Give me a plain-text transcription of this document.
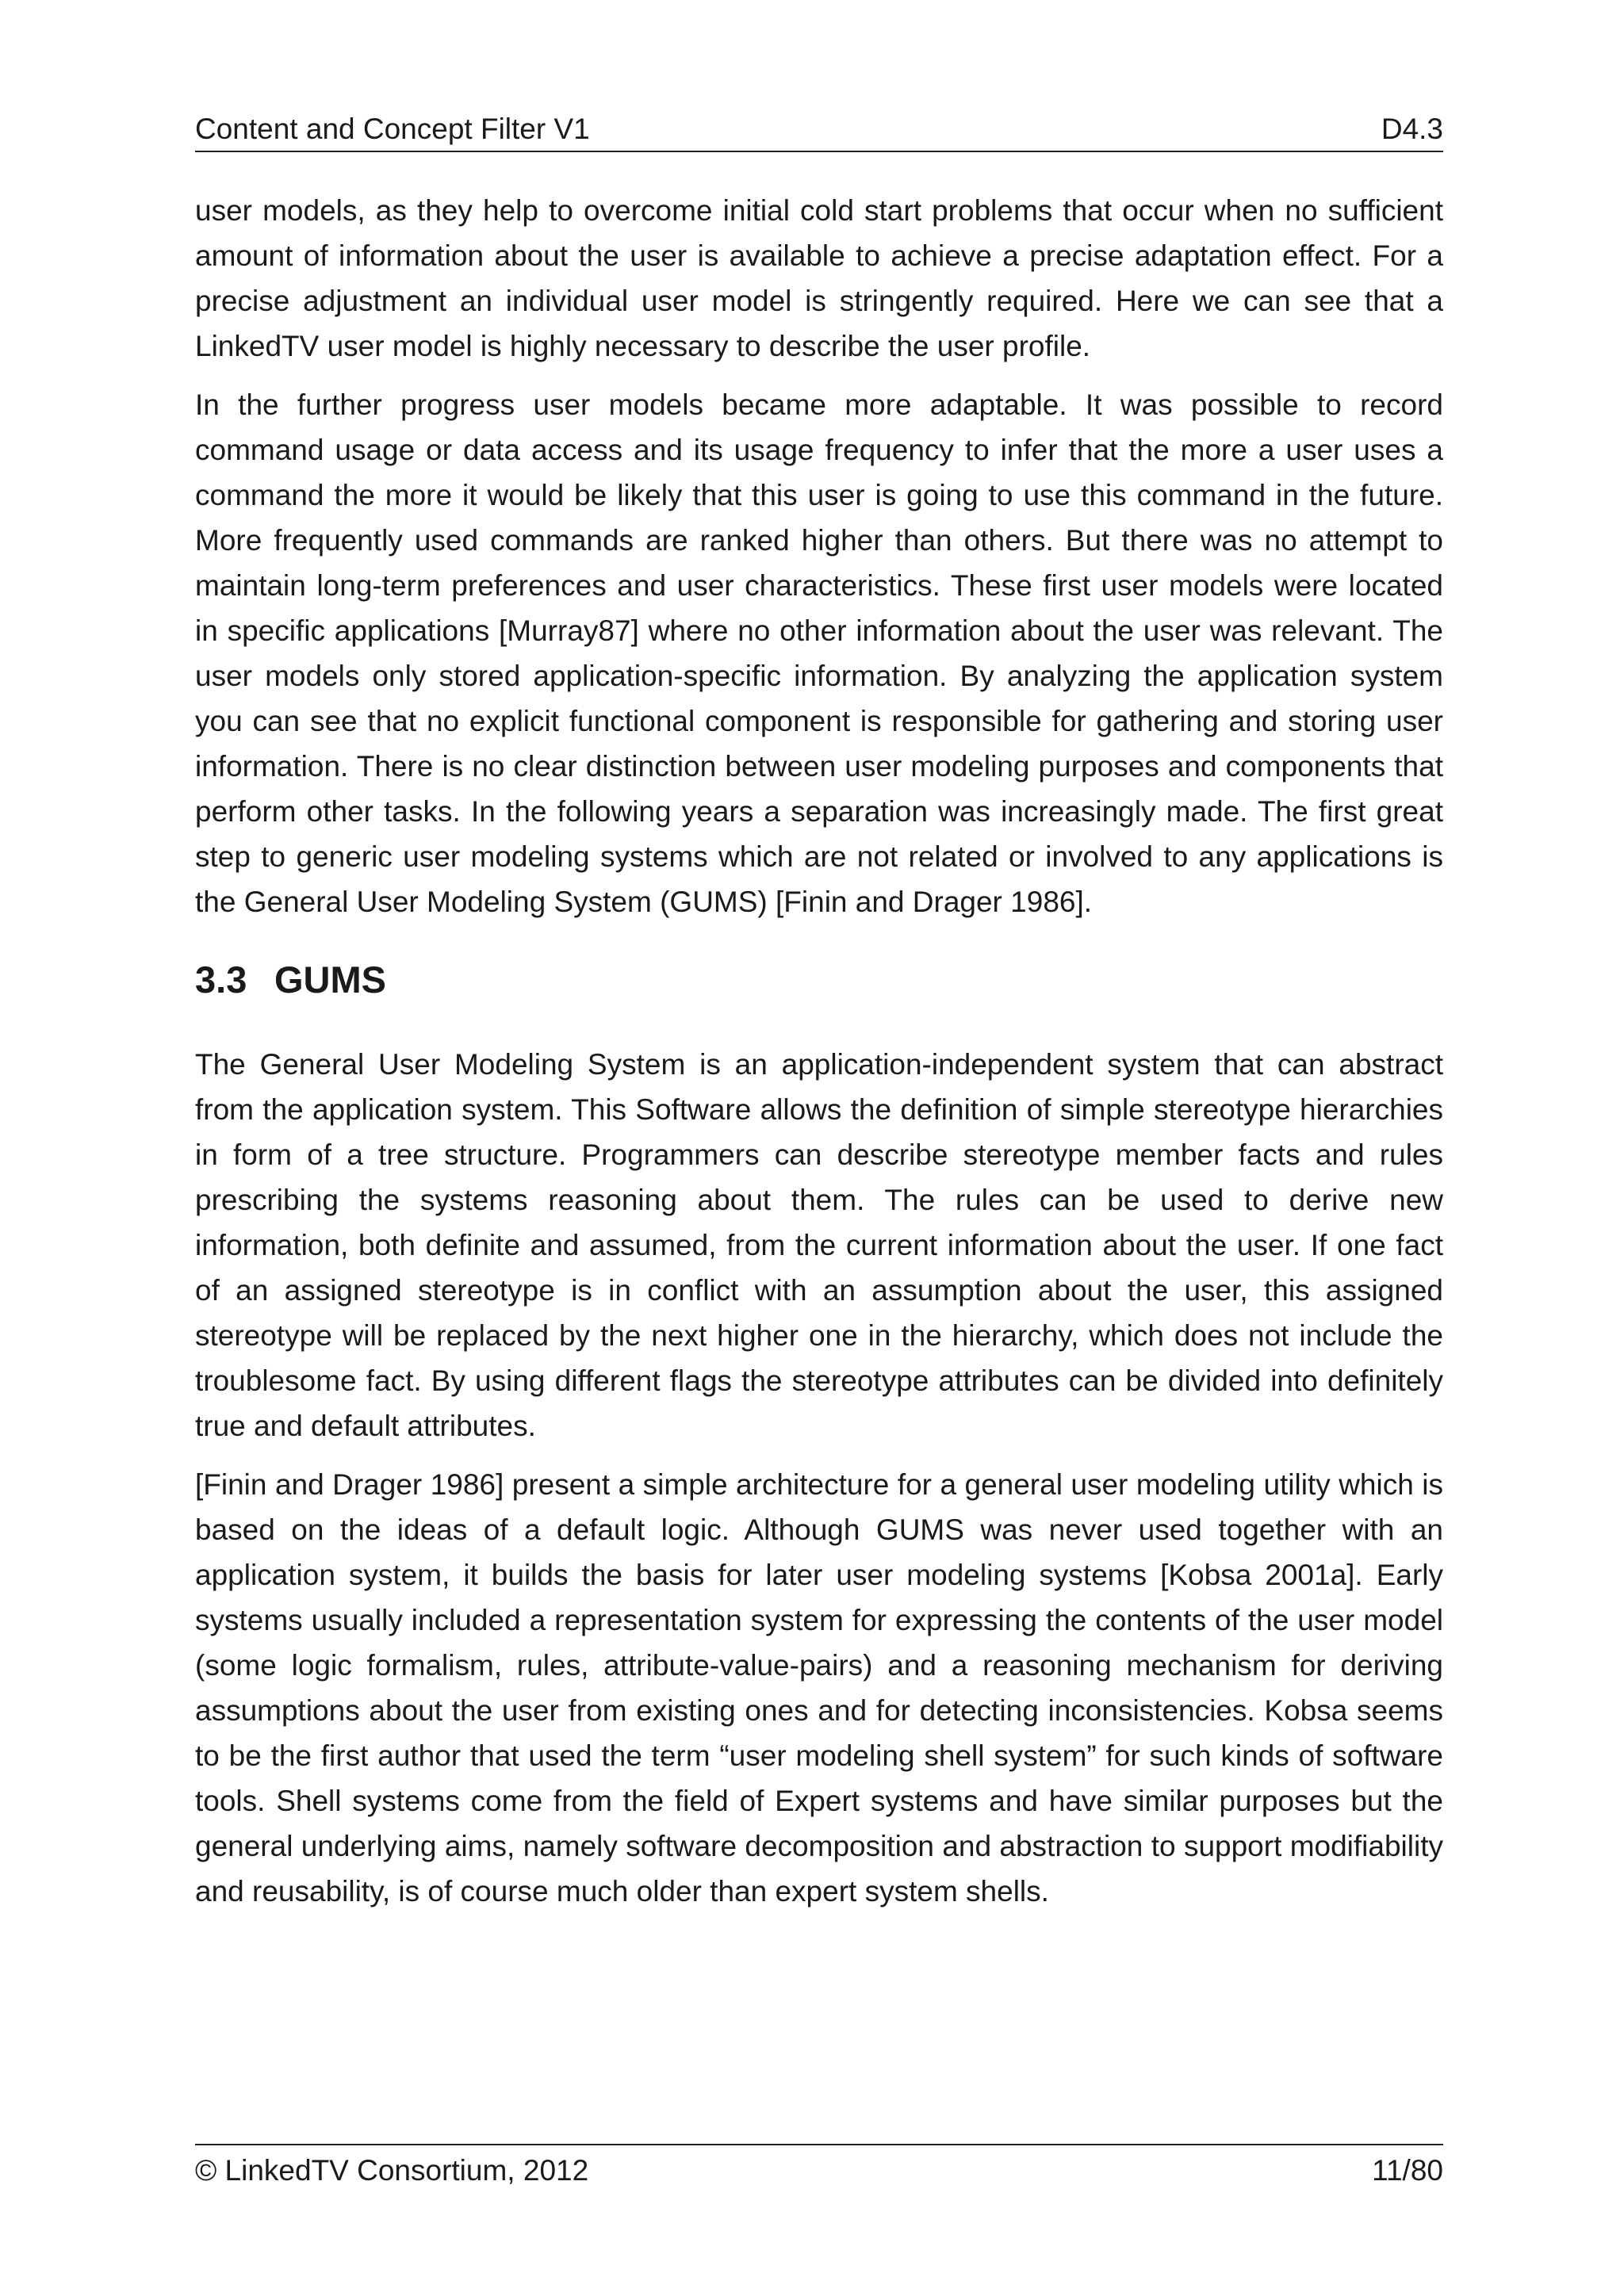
Content and Concept Filter V1	D4.3

user models, as they help to overcome initial cold start problems that occur when no sufficient amount of information about the user is available to achieve a precise adaptation effect. For a precise adjustment an individual user model is stringently required. Here we can see that a LinkedTV user model is highly necessary to describe the user profile.

In the further progress user models became more adaptable. It was possible to record command usage or data access and its usage frequency to infer that the more a user uses a command the more it would be likely that this user is going to use this command in the future. More frequently used commands are ranked higher than others. But there was no attempt to maintain long-term preferences and user characteristics. These first user models were located in specific applications [Murray87] where no other information about the user was relevant. The user models only stored application-specific information. By analyzing the application system you can see that no explicit functional component is responsible for gathering and storing user information. There is no clear distinction between user modeling purposes and components that perform other tasks. In the following years a separation was increasingly made. The first great step to generic user modeling systems which are not related or involved to any applications is the General User Modeling System (GUMS) [Finin and Drager 1986].

3.3 GUMS

The General User Modeling System is an application-independent system that can abstract from the application system. This Software allows the definition of simple stereotype hierarchies in form of a tree structure. Programmers can describe stereotype member facts and rules prescribing the systems reasoning about them. The rules can be used to derive new information, both definite and assumed, from the current information about the user. If one fact of an assigned stereotype is in conflict with an assumption about the user, this assigned stereotype will be replaced by the next higher one in the hierarchy, which does not include the troublesome fact. By using different flags the stereotype attributes can be divided into definitely true and default attributes.

[Finin and Drager 1986] present a simple architecture for a general user modeling utility which is based on the ideas of a default logic. Although GUMS was never used together with an application system, it builds the basis for later user modeling systems [Kobsa 2001a]. Early systems usually included a representation system for expressing the contents of the user model (some logic formalism, rules, attribute-value-pairs) and a reasoning mechanism for deriving assumptions about the user from existing ones and for detecting inconsistencies. Kobsa seems to be the first author that used the term “user modeling shell system” for such kinds of software tools. Shell systems come from the field of Expert systems and have similar purposes but the general underlying aims, namely software decomposition and abstraction to support modifiability and reusability, is of course much older than expert system shells.

© LinkedTV Consortium, 2012	11/80
